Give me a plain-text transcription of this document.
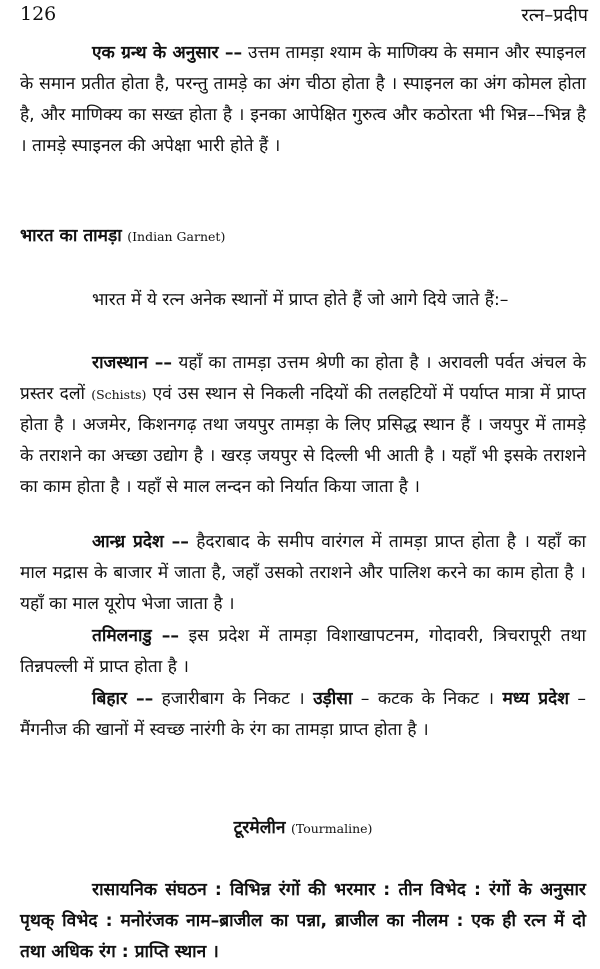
126	रत्न–प्रदीप

एक ग्रन्थ के अनुसार –– उत्तम तामड़ा श्याम के माणिक्य के समान और स्पाइनल के समान प्रतीत होता है, परन्तु तामड़े का अंग चीठा होता है । स्पाइनल का अंग कोमल होता है, और माणिक्य का सख्त होता है । इनका आपेक्षित गुरुत्व और कठोरता भी भिन्न––भिन्न है । तामड़े स्पाइनल की अपेक्षा भारी होते हैं ।

भारत का तामड़ा (Indian Garnet)

भारत में ये रत्न अनेक स्थानों में प्राप्त होते हैं जो आगे दिये जाते हैं:–

राजस्थान –– यहाँ का तामड़ा उत्तम श्रेणी का होता है । अरावली पर्वत अंचल के प्रस्तर दलों (Schists) एवं उस स्थान से निकली नदियों की तलहटियों में पर्याप्त मात्रा में प्राप्त होता है । अजमेर, किशनगढ़ तथा जयपुर तामड़ा के लिए प्रसिद्ध स्थान हैं । जयपुर में तामड़े के तराशने का अच्छा उद्योग है । खरड़ जयपुर से दिल्ली भी आती है । यहाँ भी इसके तराशने का काम होता है । यहाँ से माल लन्दन को निर्यात किया जाता है ।

आन्ध्र प्रदेश –– हैदराबाद के समीप वारंगल में तामड़ा प्राप्त होता है । यहाँ का माल मद्रास के बाजार में जाता है, जहाँ उसको तराशने और पालिश करने का काम होता है । यहाँ का माल यूरोप भेजा जाता है ।

तमिलनाडु –– इस प्रदेश में तामड़ा विशाखापटनम, गोदावरी, त्रिचरापूरी तथा तिन्नपल्ली में प्राप्त होता है ।

बिहार –– हजारीबाग के निकट । उड़ीसा – कटक के निकट । मध्य प्रदेश – मैंगनीज की खानों में स्वच्छ नारंगी के रंग का तामड़ा प्राप्त होता है ।

टूरमेलीन (Tourmaline)

रासायनिक संघठन : विभिन्न रंगों की भरमार : तीन विभेद : रंगों के अनुसार पृथक् विभेद : मनोरंजक नाम–ब्राजील का पन्ना, ब्राजील का नीलम : एक ही रत्न में दो तथा अधिक रंग : प्राप्ति स्थान ।
